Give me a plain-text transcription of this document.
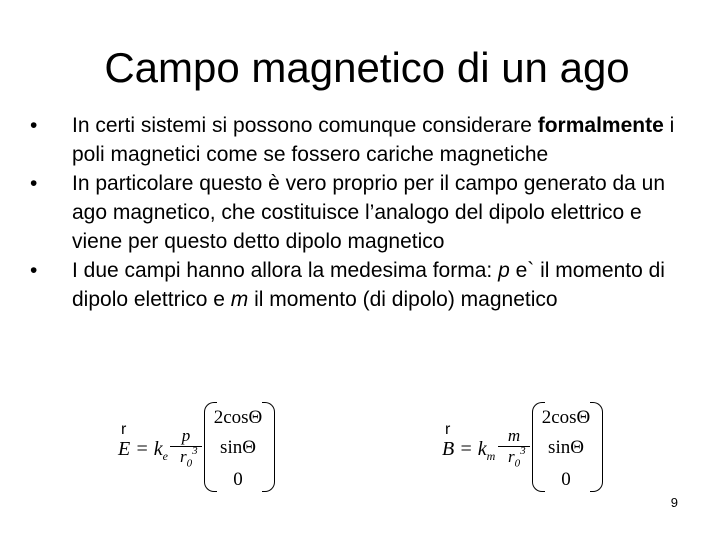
Campo magnetico di un ago
•	In certi sistemi si possono comunque considerare formalmente i poli magnetici come se fossero cariche magnetiche
•	In particolare questo è vero proprio per il campo generato da un ago magnetico, che costituisce l’analogo del dipolo elettrico e viene per questo detto dipolo magnetico
•	I due campi hanno allora la medesima forma: p e` il momento di dipolo elettrico e m il momento (di dipolo) magnetico
r
$E = k_e$
p
$r_0$
3
2cosΘ
sinΘ
0
r
$B = k_m$
m
$r_0$
3
2cosΘ
sinΘ
0
9
